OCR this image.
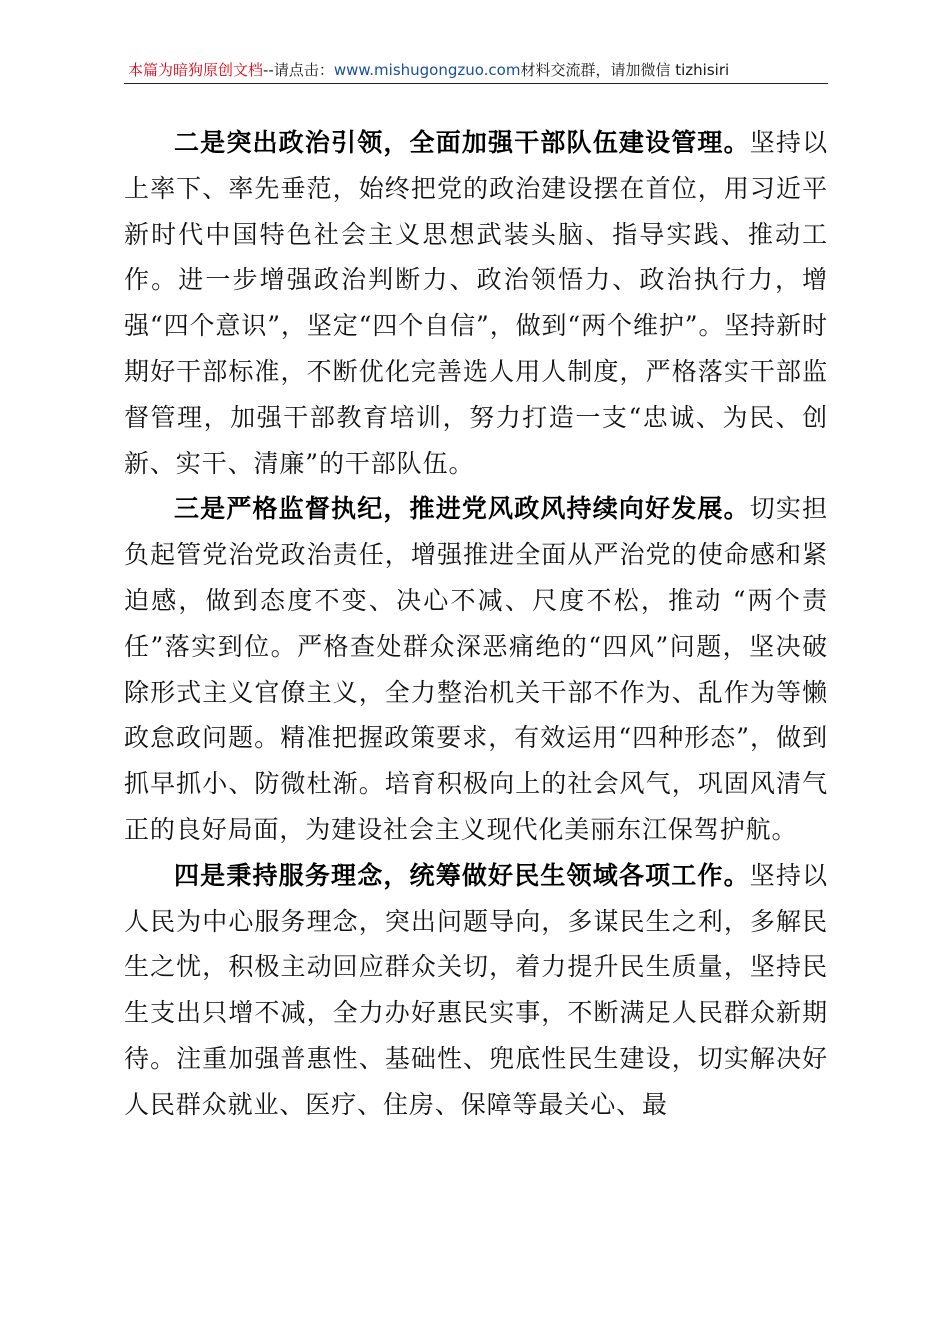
本篇为暗狗原创文档--请点击：www.mishugongzuo.com材料交流群，请加微信 tizhisiri

二是突出政治引领，全面加强干部队伍建设管理。坚持以上率下、率先垂范，始终把党的政治建设摆在首位，用习近平新时代中国特色社会主义思想武装头脑、指导实践、推动工作。进一步增强政治判断力、政治领悟力、政治执行力，增强“四个意识”，坚定“四个自信”，做到“两个维护”。坚持新时期好干部标准，不断优化完善选人用人制度，严格落实干部监督管理，加强干部教育培训，努力打造一支“忠诚、为民、创新、实干、清廉”的干部队伍。

三是严格监督执纪，推进党风政风持续向好发展。切实担负起管党治党政治责任，增强推进全面从严治党的使命感和紧迫感，做到态度不变、决心不减、尺度不松，推动 “两个责任”落实到位。严格查处群众深恶痛绝的“四风”问题，坚决破除形式主义官僚主义，全力整治机关干部不作为、乱作为等懒政怠政问题。精准把握政策要求，有效运用“四种形态”，做到抓早抓小、防微杜渐。培育积极向上的社会风气，巩固风清气正的良好局面，为建设社会主义现代化美丽东江保驾护航。

四是秉持服务理念，统筹做好民生领域各项工作。坚持以人民为中心服务理念，突出问题导向，多谋民生之利，多解民生之忧，积极主动回应群众关切，着力提升民生质量，坚持民生支出只增不减，全力办好惠民实事，不断满足人民群众新期待。注重加强普惠性、基础性、兜底性民生建设，切实解决好人民群众就业、医疗、住房、保障等最关心、最
